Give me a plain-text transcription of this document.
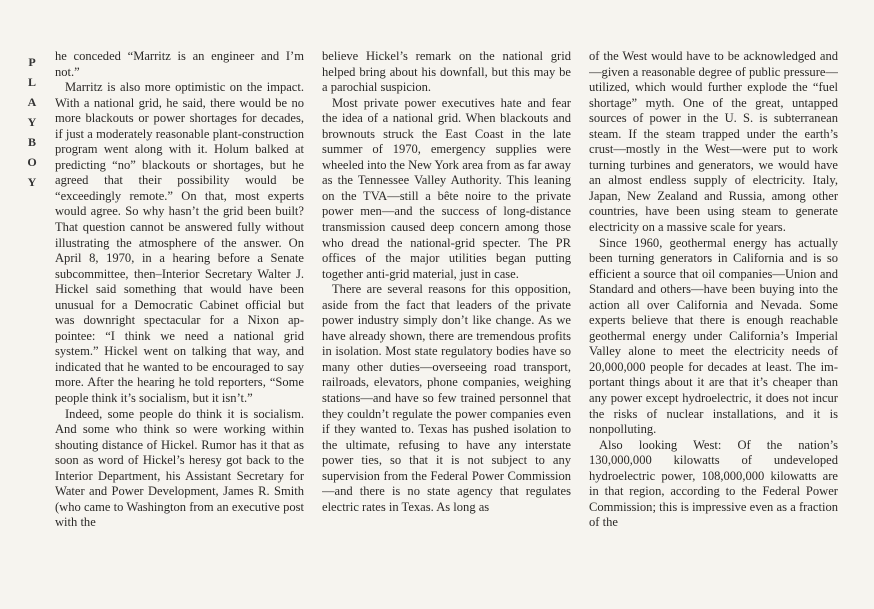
P
L
A
Y
B
O
Y

he conceded “Marritz is an engineer and I’m not.”

Marritz is also more optimistic on the impact. With a national grid, he said, there would be no more blackouts or power shortages for decades, if just a moderately reasonable plant-construction program went along with it. Holum balked at predicting “no” blackouts or shortages, but he agreed that their possibility would be “exceedingly remote.” On that, most experts would agree. So why hasn’t the grid been built? That question cannot be answered fully without illustrating the atmosphere of the answer. On April 8, 1970, in a hearing before a Senate subcommittee, then–Interior Secretary Walter J. Hickel said something that would have been unusual for a Democratic Cabinet official but was downright spectacular for a Nixon appointee: “I think we need a national grid system.” Hickel went on talking that way, and indicated that he wanted to be encouraged to say more. After the hearing he told reporters, “Some people think it’s socialism, but it isn’t.”

Indeed, some people do think it is socialism. And some who think so were working within shouting distance of Hickel. Rumor has it that as soon as word of Hickel’s heresy got back to the Interior Department, his Assistant Secretary for Water and Power Development, James R. Smith (who came to Washington from an executive post with the

believe Hickel’s remark on the national grid helped bring about his downfall, but this may be a parochial suspicion.

Most private power executives hate and fear the idea of a national grid. When blackouts and brownouts struck the East Coast in the late summer of 1970, emergency supplies were wheeled into the New York area from as far away as the Tennessee Valley Authority. This leaning on the TVA—still a bête noire to the private power men—and the success of long-distance transmission caused deep concern among those who dread the national-grid specter. The PR offices of the major utilities began putting together anti-grid material, just in case.

There are several reasons for this opposition, aside from the fact that leaders of the private power industry simply don’t like change. As we have already shown, there are tremendous profits in isolation. Most state regulatory bodies have so many other duties—overseeing road transport, railroads, elevators, phone companies, weighing stations—and have so few trained personnel that they couldn’t regulate the power companies even if they wanted to. Texas has pushed isolation to the ultimate, refusing to have any interstate power ties, so that it is not subject to any supervision from the Federal Power Commission—and there is no state agency that regulates electric rates in Texas. As long as

of the West would have to be acknowledged and—given a reasonable degree of public pressure—utilized, which would further explode the “fuel shortage” myth. One of the great, untapped sources of power in the U. S. is subterranean steam. If the steam trapped under the earth’s crust—mostly in the West—were put to work turning turbines and generators, we would have an almost endless supply of electricity. Italy, Japan, New Zealand and Russia, among other countries, have been using steam to generate electricity on a massive scale for years.

Since 1960, geothermal energy has actually been turning generators in California and is so efficient a source that oil companies—Union and Standard and others—have been buying into the action all over California and Nevada. Some experts believe that there is enough reachable geothermal energy under California’s Imperial Valley alone to meet the electricity needs of 20,000,000 people for decades at least. The important things about it are that it’s cheaper than any power except hydroelectric, it does not incur the risks of nuclear installations, and it is nonpolluting.

Also looking West: Of the nation’s 130,000,000 kilowatts of undeveloped hydroelectric power, 108,000,000 kilowatts are in that region, according to the Federal Power Commission; this is impressive even as a fraction of the
